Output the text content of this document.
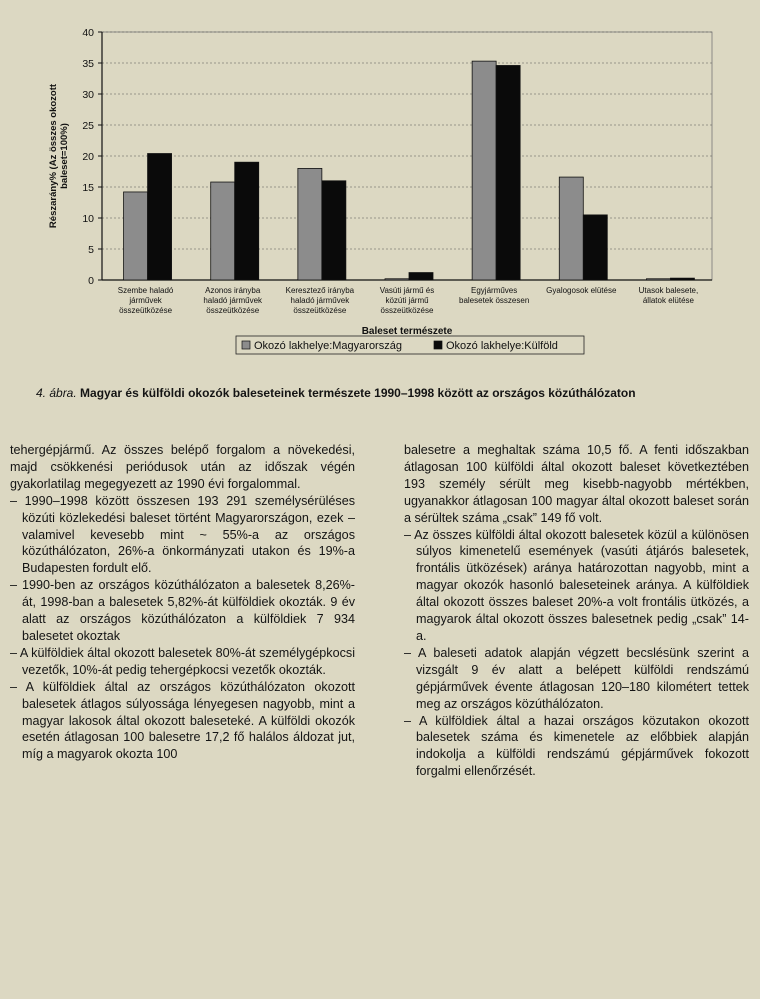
0
5
10
15
20
25
30
35
40
Szembe haladó
járművek
összeütközése
Azonos irányba
haladó járművek
összeütközése
Keresztező irányba
haladó járművek
összeütközése
Vasúti jármű és
közúti jármű
összeütközése
Egyjárműves
balesetek összesen
Gyalogosok elütése	Utasok balesete,
állatok elütése
Baleset természete
Részarány% (Az összes okozott baleset=100%)
Okozó lakhelye:Magyarország	Okozó lakhelye:Külföld
4. ábra. Magyar és külföldi okozók baleseteinek természete 1990–1998 között az országos közúthálózaton

tehergépjármű. Az összes belépő forgalom a növekedési, majd csökkenési periódusok után az időszak végén gyakorlatilag megegyezett az 1990 évi forgalommal.

– 1990–1998 között összesen 193 291 személysérüléses közúti közlekedési baleset történt Magyarországon, ezek – valamivel kevesebb mint ~ 55%-a az országos közúthálózaton, 26%-a önkormányzati utakon és 19%-a Budapesten fordult elő.

– 1990-ben az országos közúthálózaton a balesetek 8,26%-át, 1998-ban a balesetek 5,82%-át külföldiek okozták. 9 év alatt az országos közúthálózaton a külföldiek 7 934 balesetet okoztak

– A külföldiek által okozott balesetek 80%-át személygépkocsi vezetők, 10%-át pedig tehergépkocsi vezetők okozták.

– A külföldiek által az országos közúthálózaton okozott balesetek átlagos súlyossága lényegesen nagyobb, mint a magyar lakosok által okozott baleseteké. A külföldi okozók esetén átlagosan 100 balesetre 17,2 fő halálos áldozat jut, míg a magyarok okozta 100

balesetre a meghaltak száma 10,5 fő. A fenti időszakban átlagosan 100 külföldi által okozott baleset következtében 193 személy sérült meg kisebb-nagyobb mértékben, ugyanakkor átlagosan 100 magyar által okozott baleset során a sérültek száma „csak” 149 fő volt.

– Az összes külföldi által okozott balesetek közül a különösen súlyos kimenetelű események (vasúti átjárós balesetek, frontális ütközések) aránya határozottan nagyobb, mint a magyar okozók hasonló baleseteinek aránya. A külföldiek által okozott összes baleset 20%-a volt frontális ütközés, a magyarok által okozott összes balesetnek pedig „csak” 14-a.

– A baleseti adatok alapján végzett becslésünk szerint a vizsgált 9 év alatt a belépett külföldi rendszámú gépjárművek évente átlagosan 120–180 kilométert tettek meg az országos közúthálózaton.

– A külföldiek által a hazai országos közutakon okozott balesetek száma és kimenetele az előbbiek alapján indokolja a külföldi rendszámú gépjárművek fokozott forgalmi ellenőrzését.
